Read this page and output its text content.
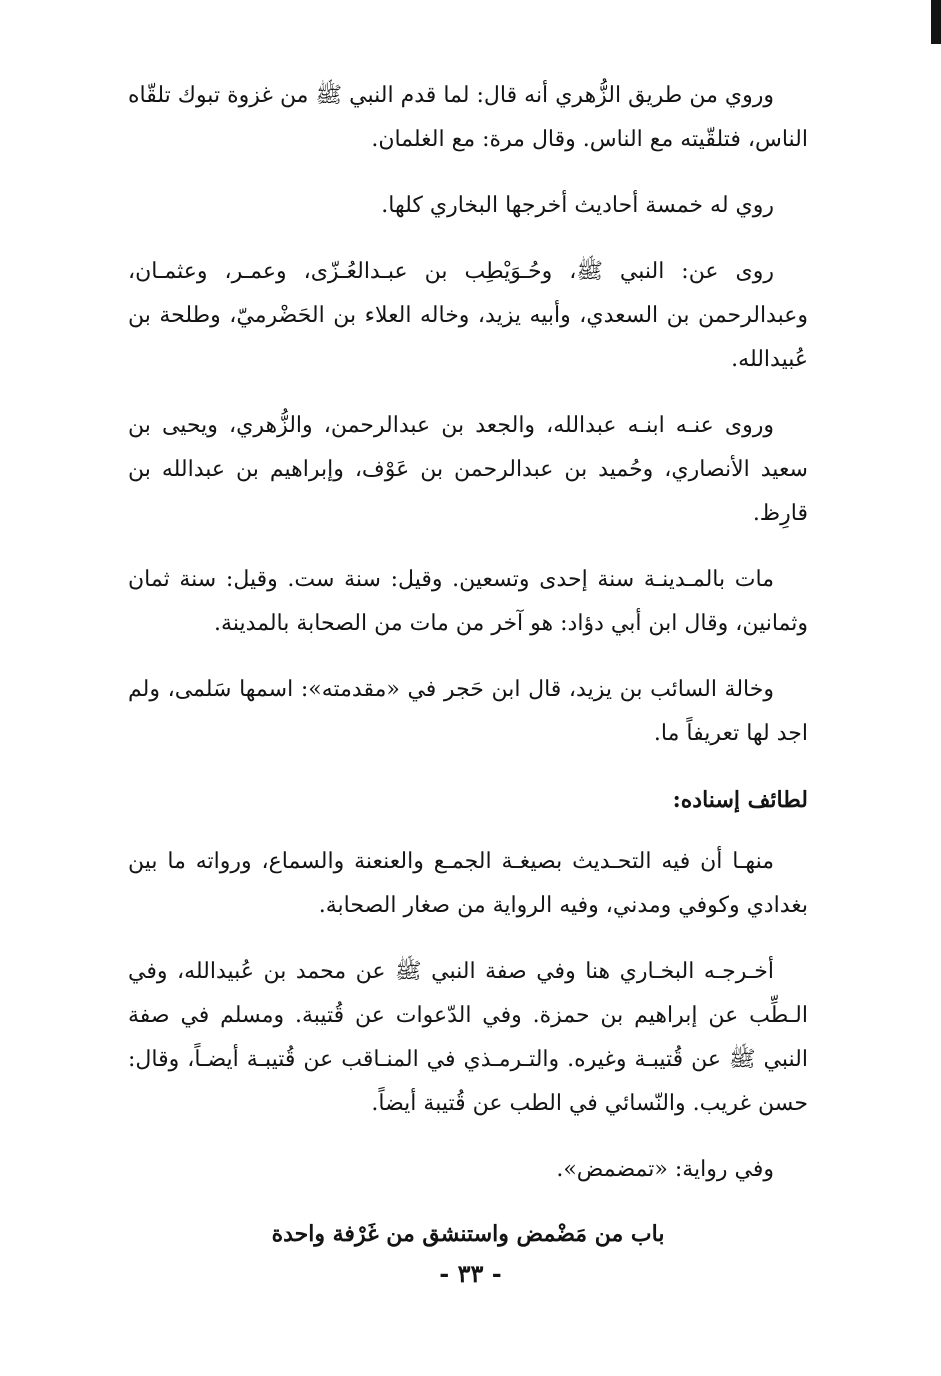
وروي من طريق الزُّهري أنه قال: لما قدم النبي ﷺ من غزوة تبوك تلقّاه الناس، فتلقّيته مع الناس. وقال مرة: مع الغلمان.

روي له خمسة أحاديث أخرجها البخاري كلها.

روى عن: النبي ﷺ، وحُـوَيْطِب بن عبـدالعُـزّى، وعمـر، وعثمـان، وعبدالرحمن بن السعدي، وأبيه يزيد، وخاله العلاء بن الحَضْرميّ، وطلحة بن عُبيدالله.

وروى عنـه ابنـه عبدالله، والجعد بن عبدالرحمن، والزُّهري، ويحيى بن سعيد الأنصاري، وحُميد بن عبدالرحمن بن عَوْف، وإبراهيم بن عبدالله بن قارِظ.

مات بالمـدينـة سنة إحدى وتسعين. وقيل: سنة ست. وقيل: سنة ثمان وثمانين، وقال ابن أبي دؤاد: هو آخر من مات من الصحابة بالمدينة.

وخالة السائب بن يزيد، قال ابن حَجر في «مقدمته»: اسمها سَلمى، ولم اجد لها تعريفاً ما.

لطائف إسناده:

منهـا أن فيه التحـديث بصيغـة الجمـع والعنعنة والسماع، ورواته ما بين بغدادي وكوفي ومدني، وفيه الرواية من صغار الصحابة.

أخـرجـه البخـاري هنا وفي صفة النبي ﷺ عن محمد بن عُبيدالله، وفي الـطِّب عن إبراهيم بن حمزة. وفي الدّعوات عن قُتيبة. ومسلم في صفة النبي ﷺ عن قُتيبـة وغيره. والتـرمـذي في المنـاقب عن قُتيبـة أيضـاً، وقال: حسن غريب. والنّسائي في الطب عن قُتيبة أيضاً.

وفي رواية: «تمضمض».

باب من مَضْمض واستنشق من غَرْفة واحدة

- ٣٣ -
